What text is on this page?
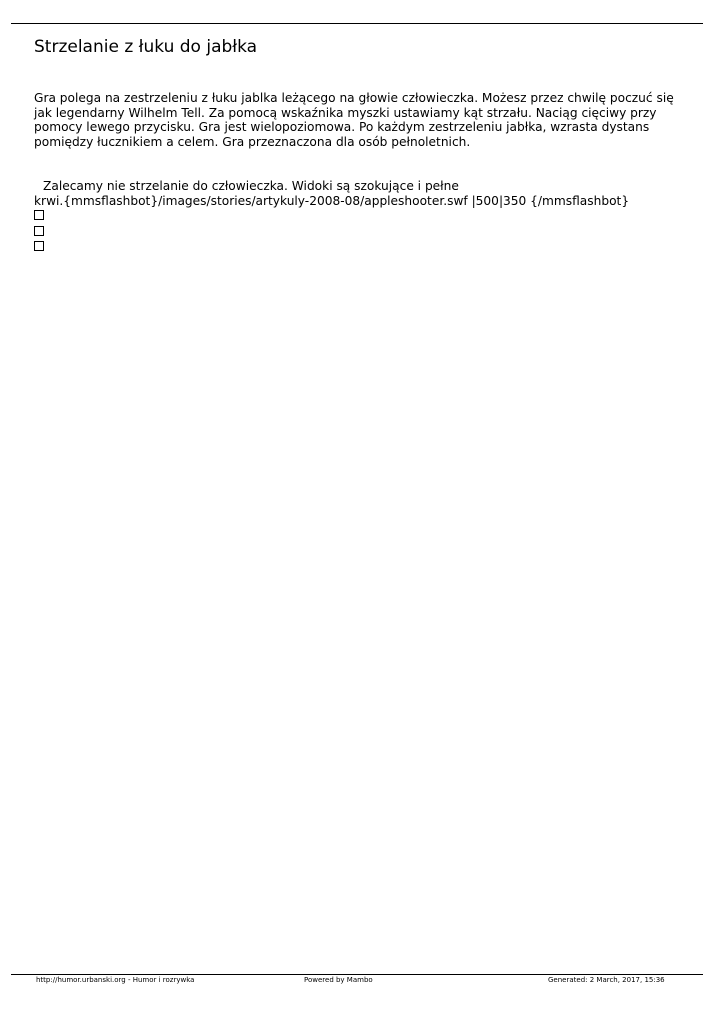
Strzelanie z łuku do jabłka

Gra polega na zestrzeleniu z łuku jablka leżącego na głowie człowieczka. Możesz przez chwilę poczuć się
jak legendarny Wilhelm Tell. Za pomocą wskaźnika myszki ustawiamy kąt strzału. Naciąg cięciwy przy
pomocy lewego przycisku. Gra jest wielopoziomowa. Po każdym zestrzeleniu jabłka, wzrasta dystans
pomiędzy łucznikiem a celem. Gra przeznaczona dla osób pełnoletnich.

Zalecamy nie strzelanie do człowieczka. Widoki są szokujące i pełne
krwi.{mmsflashbot}/images/stories/artykuly-2008-08/appleshooter.swf |500|350 {/mmsflashbot}

http://humor.urbanski.org - Humor i rozrywka	Powered by Mambo	Generated: 2 March, 2017, 15:36
